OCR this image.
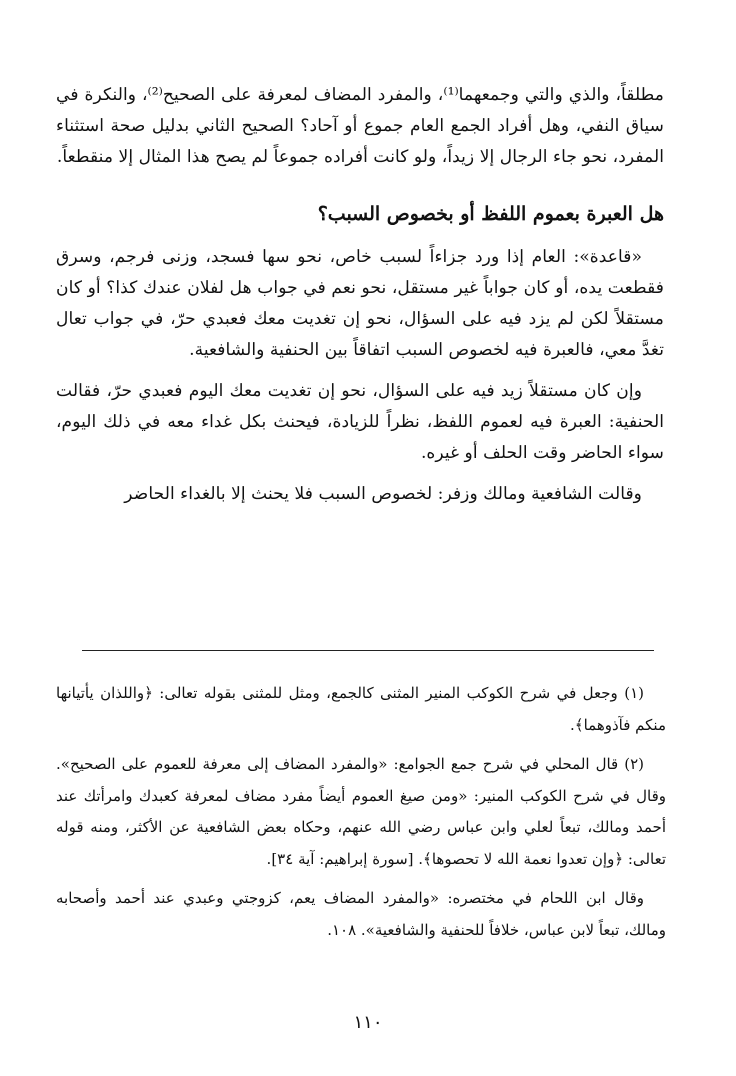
مطلقاً، والذي والتي وجمعهما⁽¹⁾، والمفرد المضاف لمعرفة على الصحيح⁽²⁾، والنكرة في سياق النفي، وهل أفراد الجمع العام جموع أو آحاد؟ الصحيح الثاني بدليل صحة استثناء المفرد، نحو جاء الرجال إلا زيداً، ولو كانت أفراده جموعاً لم يصح هذا المثال إلا منقطعاً.

هل العبرة بعموم اللفظ أو بخصوص السبب؟

«قاعدة»: العام إذا ورد جزاءاً لسبب خاص، نحو سها فسجد، وزنى فرجم، وسرق فقطعت يده، أو كان جواباً غير مستقل، نحو نعم في جواب هل لفلان عندك كذا؟ أو كان مستقلاً لكن لم يزد فيه على السؤال، نحو إن تغديت معك فعبدي حرّ، في جواب تعال تغدَّ معي، فالعبرة فيه لخصوص السبب اتفاقاً بين الحنفية والشافعية.

وإن كان مستقلاً زيد فيه على السؤال، نحو إن تغديت معك اليوم فعبدي حرّ، فقالت الحنفية: العبرة فيه لعموم اللفظ، نظراً للزيادة، فيحنث بكل غداء معه في ذلك اليوم، سواء الحاضر وقت الحلف أو غيره.

وقالت الشافعية ومالك وزفر: لخصوص السبب فلا يحنث إلا بالغداء الحاضر

(١) وجعل في شرح الكوكب المنير المثنى كالجمع، ومثل للمثنى بقوله تعالى: ﴿واللذان يأتيانها منكم فآذوهما﴾.

(٢) قال المحلي في شرح جمع الجوامع: «والمفرد المضاف إلى معرفة للعموم على الصحيح». وقال في شرح الكوكب المنير: «ومن صيغ العموم أيضاً مفرد مضاف لمعرفة كعبدك وامرأتك عند أحمد ومالك، تبعاً لعلي وابن عباس رضي الله عنهم، وحكاه بعض الشافعية عن الأكثر، ومنه قوله تعالى: ﴿وإن تعدوا نعمة الله لا تحصوها﴾. [سورة إبراهيم: آية ٣٤].

وقال ابن اللحام في مختصره: «والمفرد المضاف يعم، كزوجتي وعبدي عند أحمد وأصحابه ومالك، تبعاً لابن عباس، خلافاً للحنفية والشافعية». ١٠٨.

١١٠
